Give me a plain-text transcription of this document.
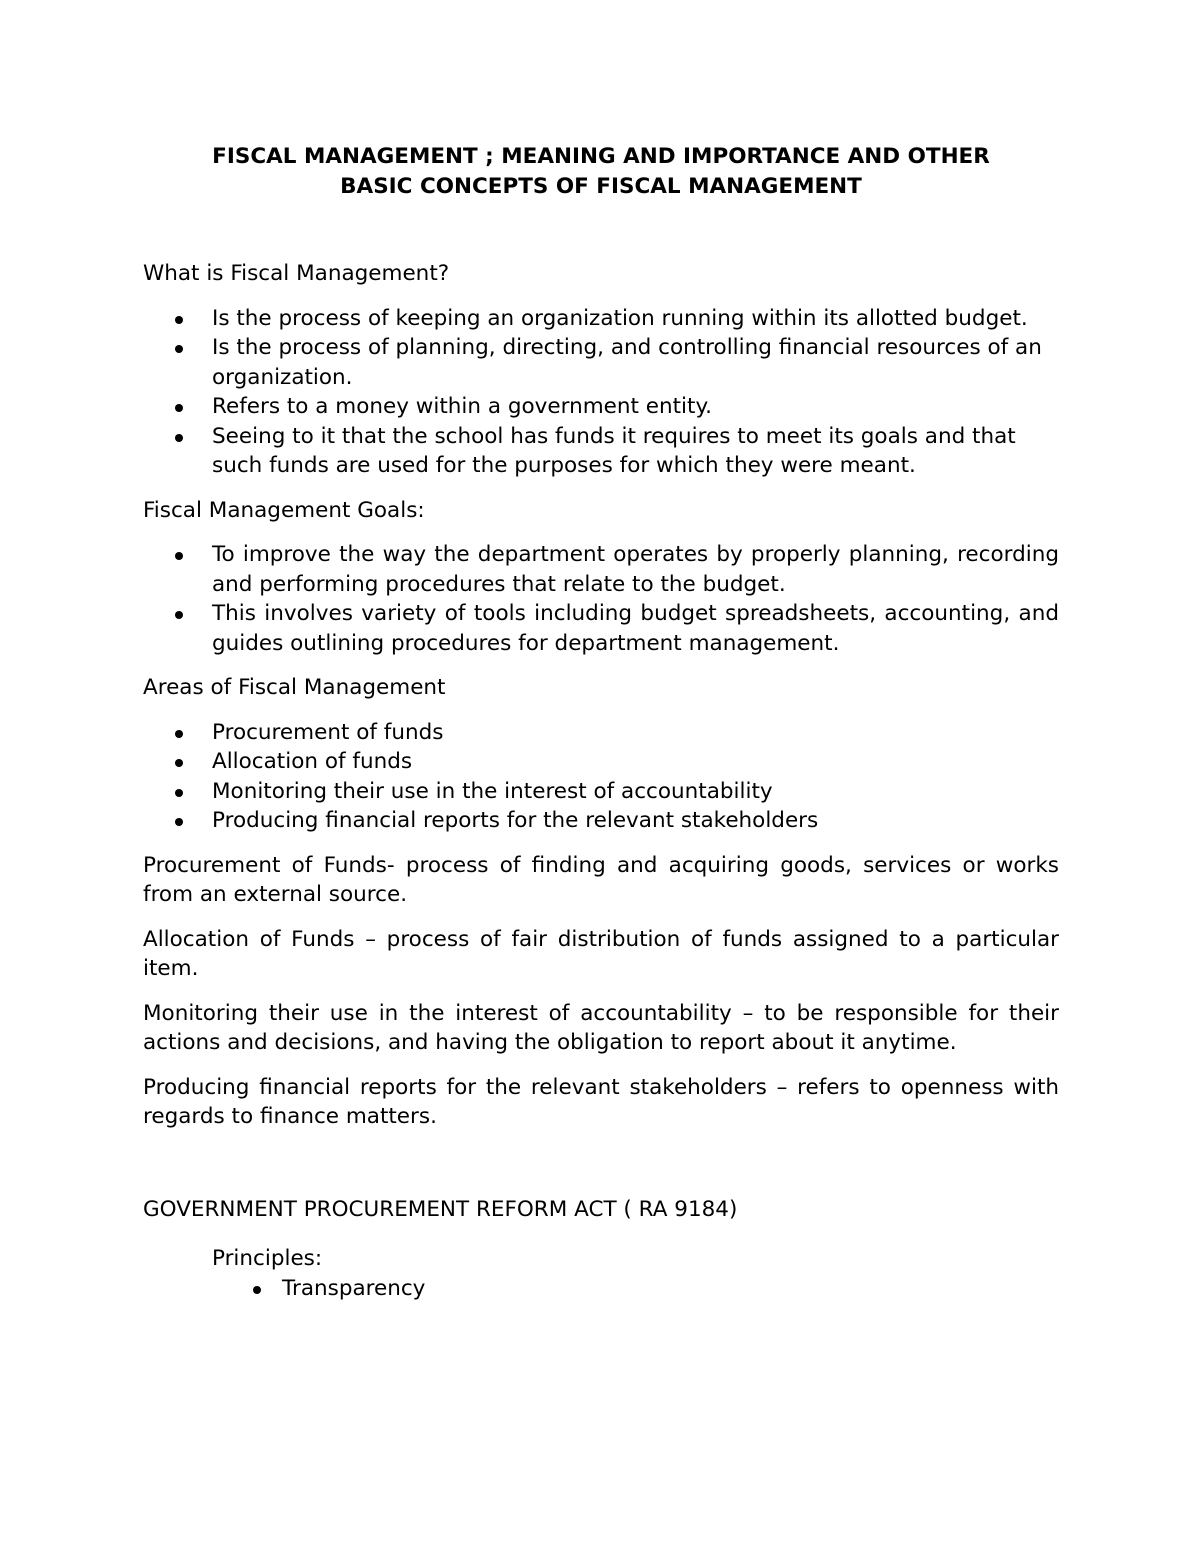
FISCAL MANAGEMENT ; MEANING AND IMPORTANCE AND OTHER
BASIC CONCEPTS OF FISCAL MANAGEMENT
What is Fiscal Management?
Is the process of keeping an organization running within its allotted budget.
Is the process of planning, directing, and controlling financial resources of an organization.
Refers to a money within a government entity.
Seeing to it that the school has funds it requires to meet its goals and that such funds are used for the purposes for which they were meant.
Fiscal Management Goals:
To improve the way the department operates by properly planning, recording and performing procedures that relate to the budget.
This involves variety of tools including budget spreadsheets, accounting, and guides outlining procedures for department management.
Areas of Fiscal Management
Procurement of funds
Allocation of funds
Monitoring their use in the interest of accountability
Producing financial reports for the relevant stakeholders

Procurement of Funds- process of finding and acquiring goods, services or works from an external source.

Allocation of Funds – process of fair distribution of funds assigned to a particular item.

Monitoring their use in the interest of accountability – to be responsible for their actions and decisions, and having the obligation to report about it anytime.

Producing financial reports for the relevant stakeholders – refers to openness with regards to finance matters.

GOVERNMENT PROCUREMENT REFORM ACT ( RA 9184)
Principles:
Transparency
